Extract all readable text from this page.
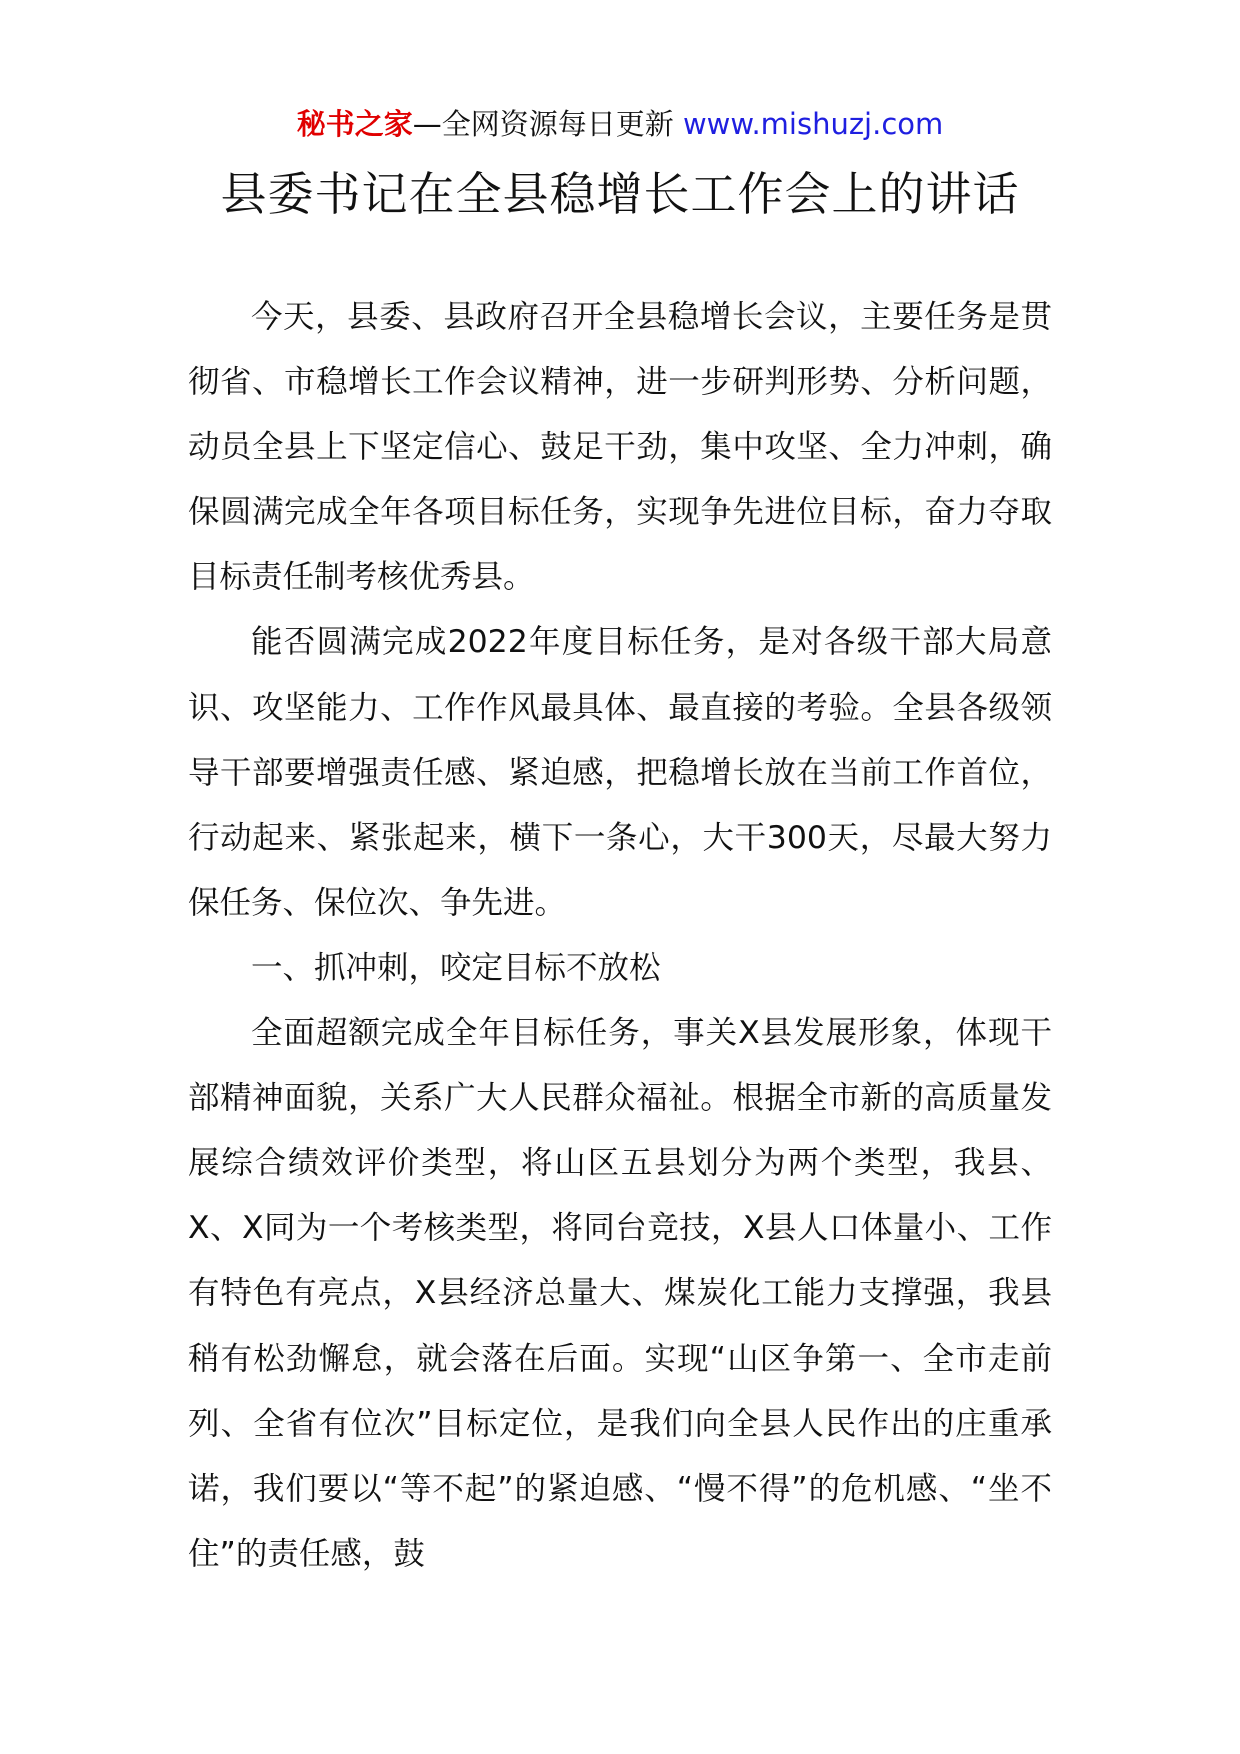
秘书之家—全网资源每日更新 www.mishuzj.com
县委书记在全县稳增长工作会上的讲话

今天，县委、县政府召开全县稳增长会议，主要任务是贯彻省、市稳增长工作会议精神，进一步研判形势、分析问题，动员全县上下坚定信心、鼓足干劲，集中攻坚、全力冲刺，确保圆满完成全年各项目标任务，实现争先进位目标，奋力夺取目标责任制考核优秀县。

能否圆满完成2022年度目标任务，是对各级干部大局意识、攻坚能力、工作作风最具体、最直接的考验。全县各级领导干部要增强责任感、紧迫感，把稳增长放在当前工作首位，行动起来、紧张起来，横下一条心，大干300天，尽最大努力保任务、保位次、争先进。

一、抓冲刺，咬定目标不放松

全面超额完成全年目标任务，事关X县发展形象，体现干部精神面貌，关系广大人民群众福祉。根据全市新的高质量发展综合绩效评价类型，将山区五县划分为两个类型，我县、X、X同为一个考核类型，将同台竞技，X县人口体量小、工作有特色有亮点，X县经济总量大、煤炭化工能力支撑强，我县稍有松劲懈怠，就会落在后面。实现“山区争第一、全市走前列、全省有位次”目标定位，是我们向全县人民作出的庄重承诺，我们要以“等不起”的紧迫感、“慢不得”的危机感、“坐不住”的责任感，鼓
